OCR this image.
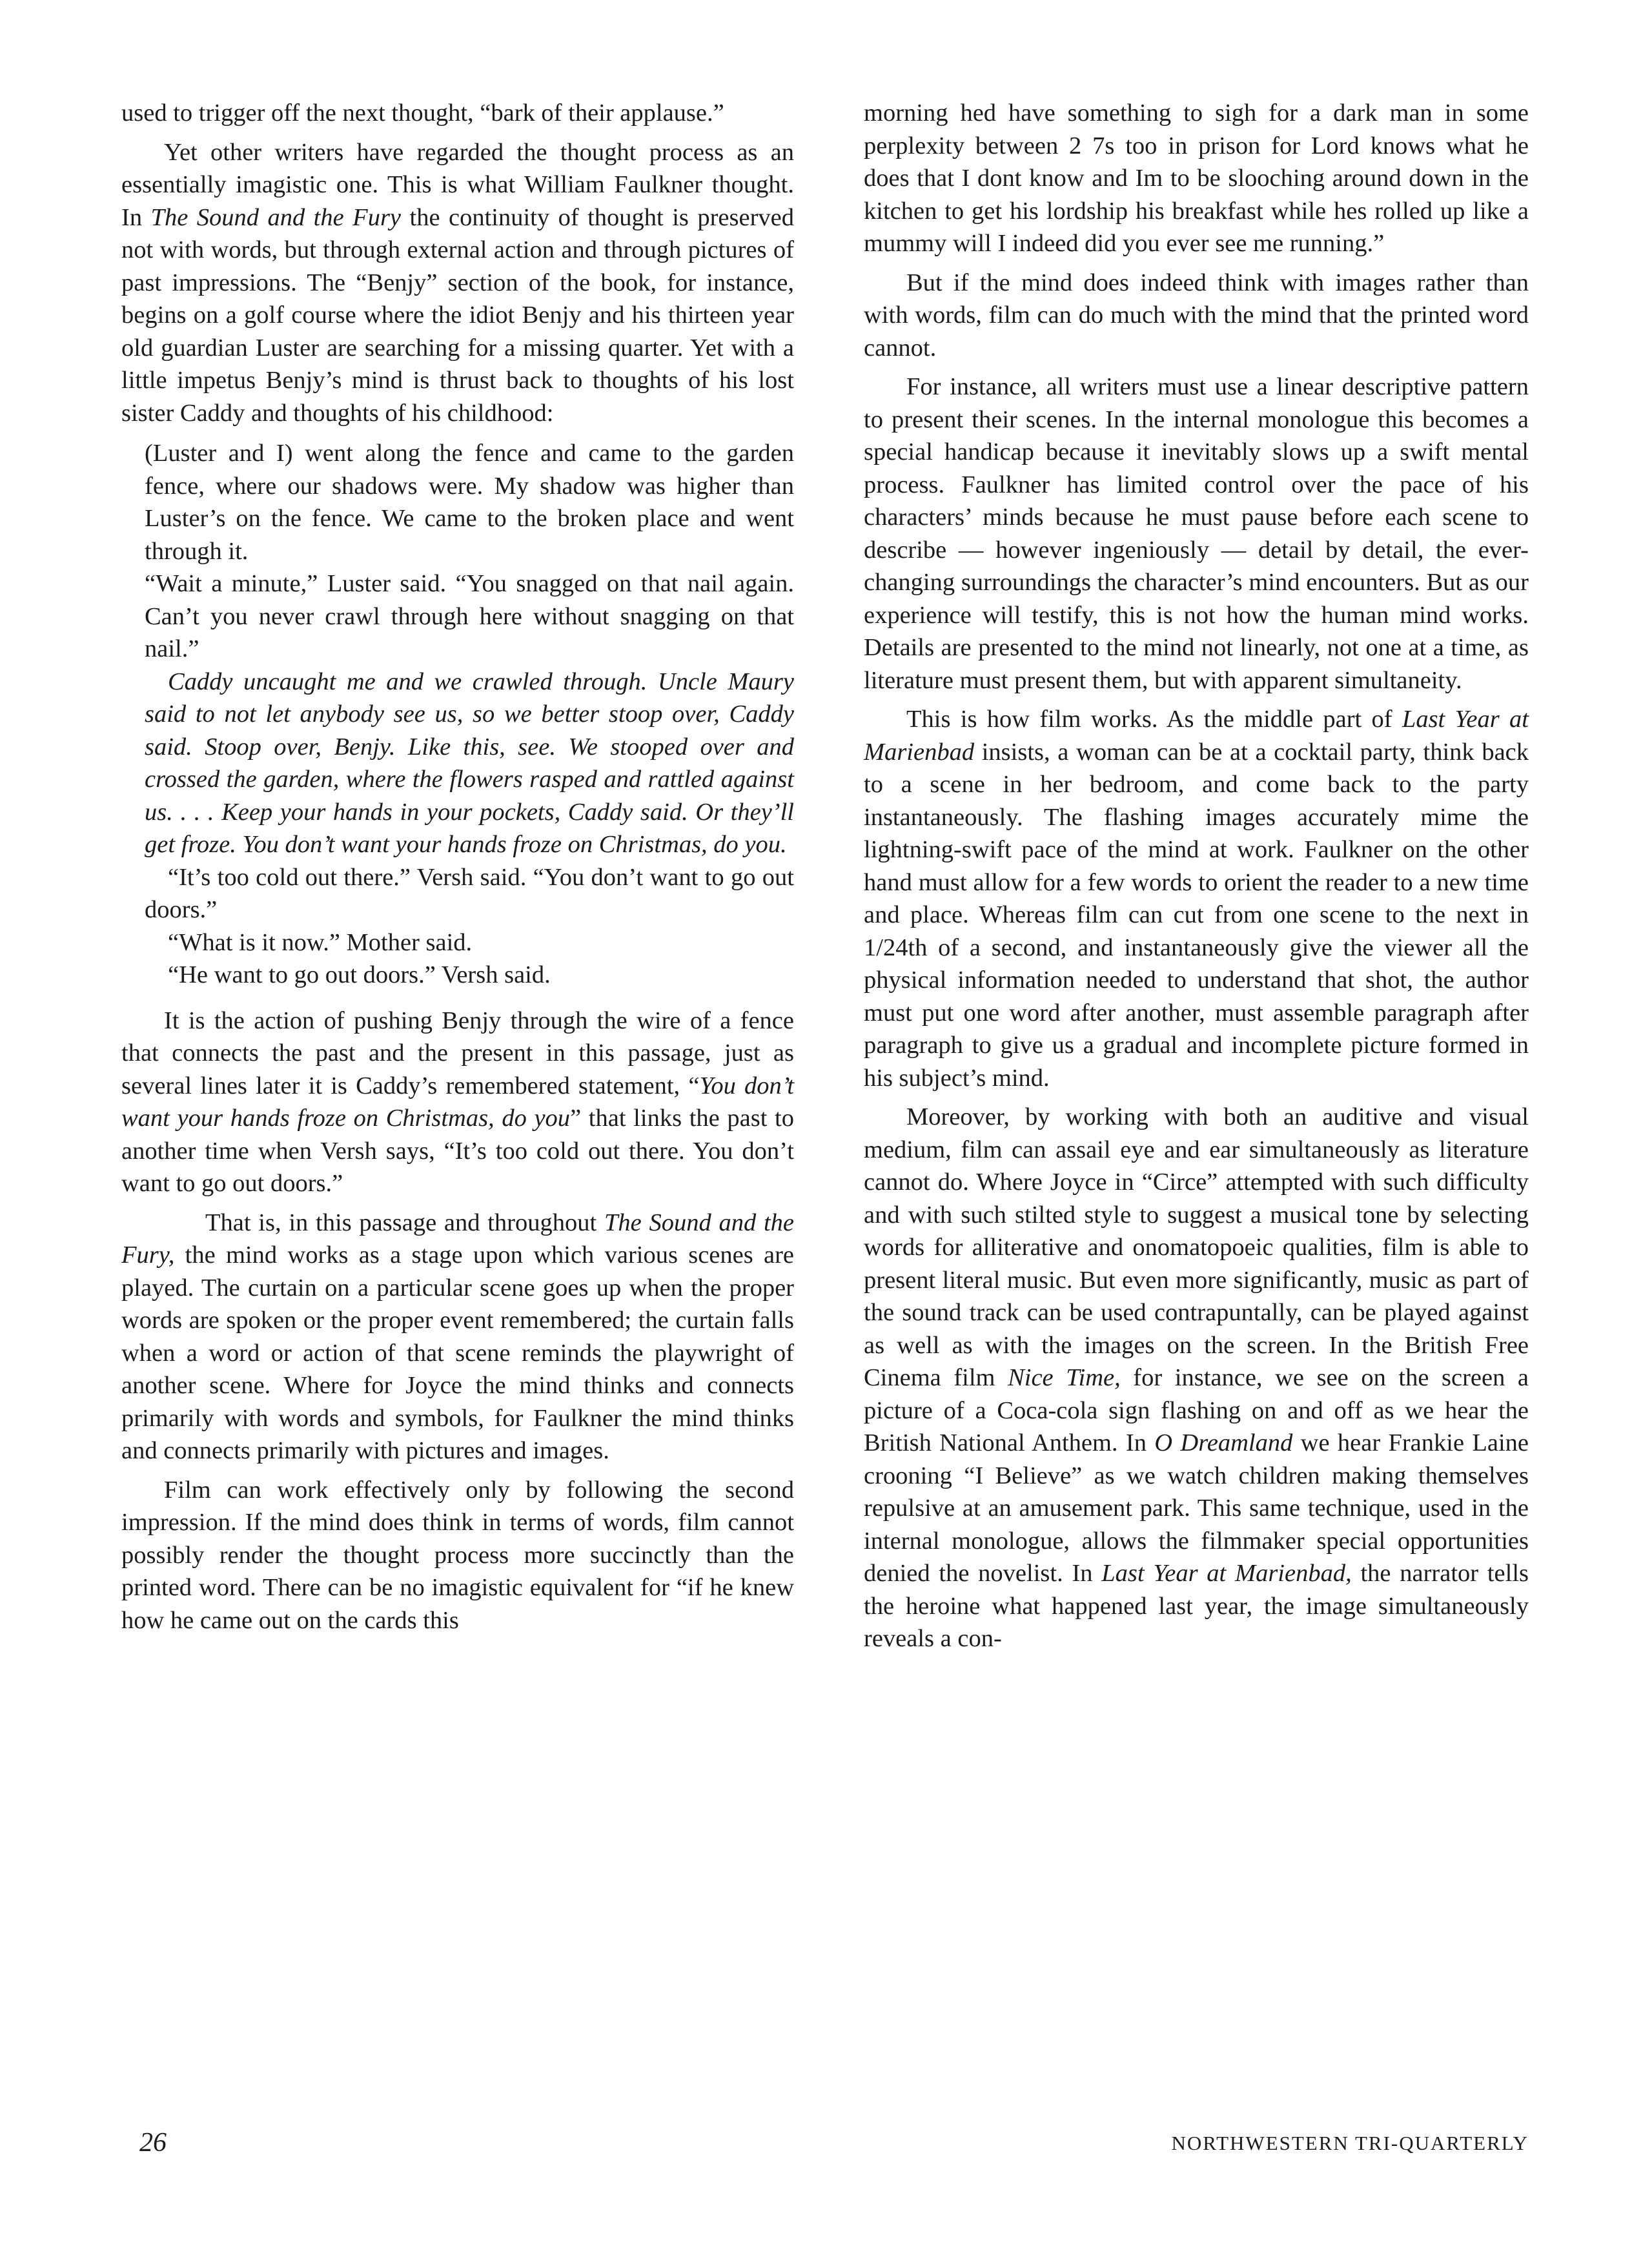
used to trigger off the next thought, “bark of their applause.”

Yet other writers have regarded the thought process as an essentially imagistic one. This is what William Faulkner thought. In The Sound and the Fury the continuity of thought is preserved not with words, but through external action and through pictures of past impressions. The “Benjy” section of the book, for instance, begins on a golf course where the idiot Benjy and his thirteen year old guardian Luster are searching for a missing quarter. Yet with a little impetus Benjy’s mind is thrust back to thoughts of his lost sister Caddy and thoughts of his childhood:

(Luster and I) went along the fence and came to the garden fence, where our shadows were. My shadow was higher than Luster’s on the fence. We came to the broken place and went through it.

“Wait a minute,” Luster said. “You snagged on that nail again. Can’t you never crawl through here without snagging on that nail.”

Caddy uncaught me and we crawled through. Uncle Maury said to not let anybody see us, so we better stoop over, Caddy said. Stoop over, Benjy. Like this, see. We stooped over and crossed the garden, where the flowers rasped and rattled against us. . . . Keep your hands in your pockets, Caddy said. Or they’ll get froze. You don’t want your hands froze on Christmas, do you.

“It’s too cold out there.” Versh said. “You don’t want to go out doors.”

“What is it now.” Mother said.

“He want to go out doors.” Versh said.

It is the action of pushing Benjy through the wire of a fence that connects the past and the present in this passage, just as several lines later it is Caddy’s remembered statement, “You don’t want your hands froze on Christmas, do you” that links the past to another time when Versh says, “It’s too cold out there. You don’t want to go out doors.”

That is, in this passage and throughout The Sound and the Fury, the mind works as a stage upon which various scenes are played. The curtain on a particular scene goes up when the proper words are spoken or the proper event remembered; the curtain falls when a word or action of that scene reminds the playwright of another scene. Where for Joyce the mind thinks and connects primarily with words and symbols, for Faulkner the mind thinks and connects primarily with pictures and images.

Film can work effectively only by following the second impression. If the mind does think in terms of words, film cannot possibly render the thought process more succinctly than the printed word. There can be no imagistic equivalent for “if he knew how he came out on the cards this

morning hed have something to sigh for a dark man in some perplexity between 2 7s too in prison for Lord knows what he does that I dont know and Im to be slooching around down in the kitchen to get his lordship his breakfast while hes rolled up like a mummy will I indeed did you ever see me running.”

But if the mind does indeed think with images rather than with words, film can do much with the mind that the printed word cannot.

For instance, all writers must use a linear descriptive pattern to present their scenes. In the internal monologue this becomes a special handicap because it inevitably slows up a swift mental process. Faulkner has limited control over the pace of his characters’ minds because he must pause before each scene to describe — however ingeniously — detail by detail, the ever-changing surroundings the character’s mind encounters. But as our experience will testify, this is not how the human mind works. Details are presented to the mind not linearly, not one at a time, as literature must present them, but with apparent simultaneity.

This is how film works. As the middle part of Last Year at Marienbad insists, a woman can be at a cocktail party, think back to a scene in her bedroom, and come back to the party instantaneously. The flashing images accurately mime the lightning-swift pace of the mind at work. Faulkner on the other hand must allow for a few words to orient the reader to a new time and place. Whereas film can cut from one scene to the next in 1/24th of a second, and instantaneously give the viewer all the physical information needed to understand that shot, the author must put one word after another, must assemble paragraph after paragraph to give us a gradual and incomplete picture formed in his subject’s mind.

Moreover, by working with both an auditive and visual medium, film can assail eye and ear simultaneously as literature cannot do. Where Joyce in “Circe” attempted with such difficulty and with such stilted style to suggest a musical tone by selecting words for alliterative and onomatopoeic qualities, film is able to present literal music. But even more significantly, music as part of the sound track can be used contrapuntally, can be played against as well as with the images on the screen. In the British Free Cinema film Nice Time, for instance, we see on the screen a picture of a Coca-cola sign flashing on and off as we hear the British National Anthem. In O Dreamland we hear Frankie Laine crooning “I Believe” as we watch children making themselves repulsive at an amusement park. This same technique, used in the internal monologue, allows the filmmaker special opportunities denied the novelist. In Last Year at Marienbad, the narrator tells the heroine what happened last year, the image simultaneously reveals a con-

26	NORTHWESTERN TRI-QUARTERLY
